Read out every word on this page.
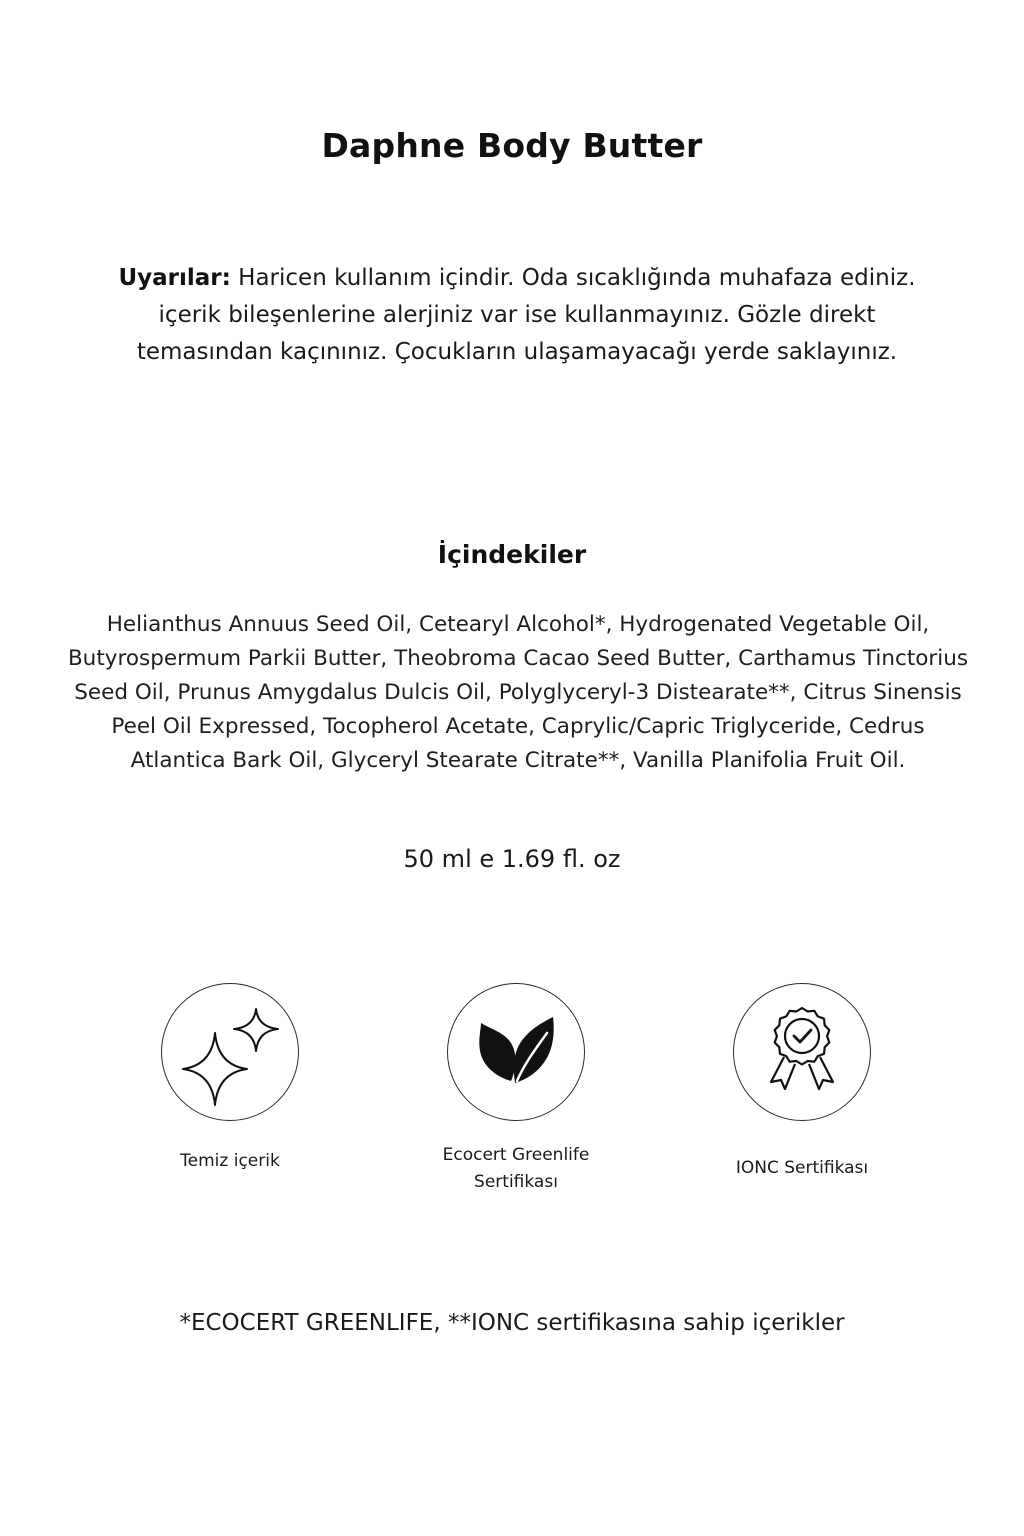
Daphne Body Butter
Uyarılar: Haricen kullanım içindir. Oda sıcaklığında muhafaza ediniz. içerik bileşenlerine alerjiniz var ise kullanmayınız. Gözle direkt temasından kaçınınız. Çocukların ulaşamayacağı yerde saklayınız.
İçindekiler
Helianthus Annuus Seed Oil, Cetearyl Alcohol*, Hydrogenated Vegetable Oil, Butyrospermum Parkii Butter, Theobroma Cacao Seed Butter, Carthamus Tinctorius Seed Oil, Prunus Amygdalus Dulcis Oil, Polyglyceryl-3 Distearate**, Citrus Sinensis Peel Oil Expressed, Tocopherol Acetate, Caprylic/Capric Triglyceride, Cedrus Atlantica Bark Oil, Glyceryl Stearate Citrate**, Vanilla Planifolia Fruit Oil.
50 ml e 1.69 fl. oz
Temiz içerik	Ecocert Greenlife
Sertifikası
IONC Sertifikası
*ECOCERT GREENLIFE, **IONC sertifikasına sahip içerikler
